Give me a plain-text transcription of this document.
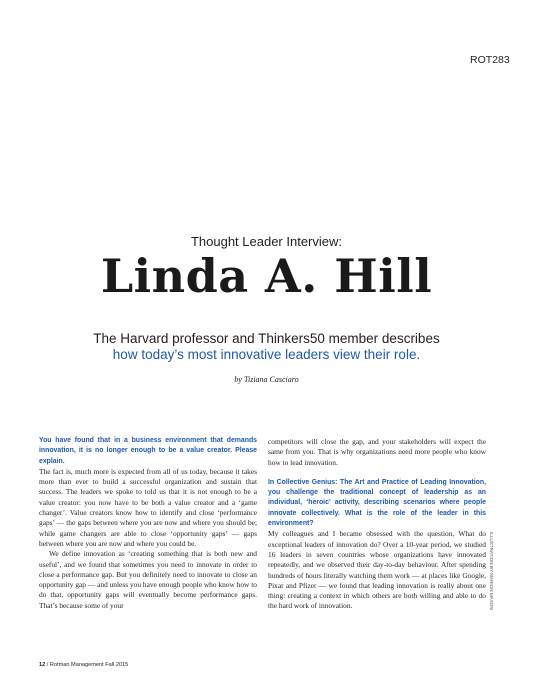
ROT283
Thought Leader Interview:
Linda A. Hill
The Harvard professor and Thinkers50 member describes
how today’s most innovative leaders view their role.
by Tiziana Casciaro

You have found that in a business environment that demands innovation, it is no longer enough to be a value creator. Please explain.

The fact is, much more is expected from all of us today, because it takes more than ever to build a successful organization and sustain that success. The leaders we spoke to told us that it is not enough to be a value creator: you now have to be both a value creator and a ‘game changer’. Value creators know how to identify and close ‘performance gaps’ — the gaps between where you are now and where you should be; while game changers are able to close ‘opportunity gaps’ — gaps between where you are now and where you could be.

We define innovation as ‘creating something that is both new and useful’, and we found that sometimes you need to innovate in order to close a performance gap. But you definitely need to innovate to close an opportunity gap — and unless you have enough people who know how to do that, opportunity gaps will eventually become performance gaps. That’s because some of your

competitors will close the gap, and your stakeholders will expect the same from you. That is why organizations need more people who know how to lead innovation.

In Collective Genius: The Art and Practice of Leading Innovation, you challenge the traditional concept of leadership as an individual, ‘heroic’ activity, describing scenarios where people innovate collectively. What is the role of the leader in this environment?

My colleagues and I became obsessed with the question, What do exceptional leaders of innovation do? Over a 10-year period, we studied 16 leaders in seven countries whose organizations have innovated repeatedly, and we observed their day-to-day behaviour. After spending hundreds of hours literally watching them work — at places like Google, Pixar and Pfizer — we found that leading innovation is really about one thing: creating a context in which others are both willing and able to do the hard work of innovation.

12 / Rotman Management Fall 2015
ILLUSTRATION BY MARION MASON
